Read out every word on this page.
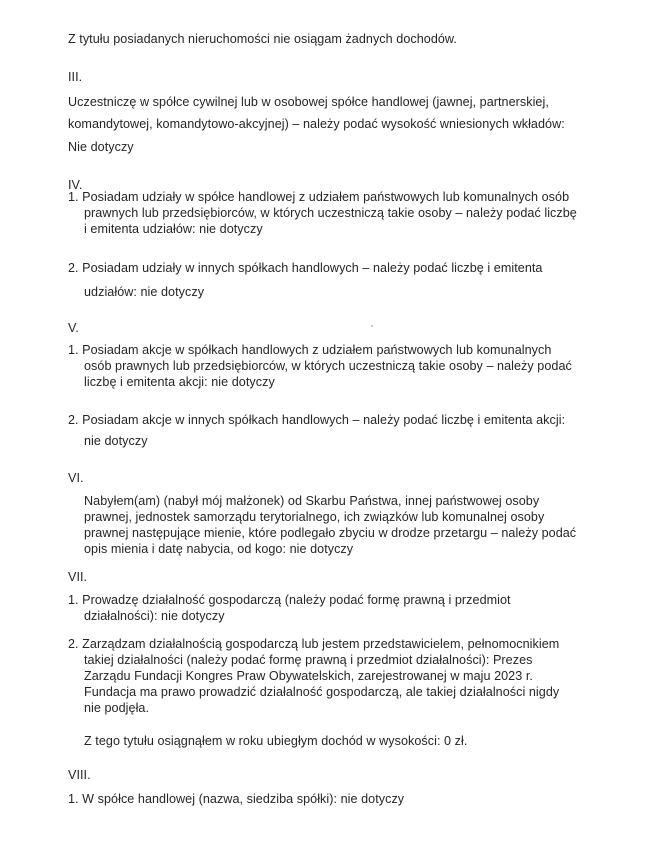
Z tytułu posiadanych nieruchomości nie osiągam żadnych dochodów.
III.
Uczestniczę w spółce cywilnej lub w osobowej spółce handlowej (jawnej, partnerskiej,
komandytowej, komandytowo-akcyjnej) – należy podać wysokość wniesionych wkładów:
Nie dotyczy
IV.
1. Posiadam udziały w spółce handlowej z udziałem państwowych lub komunalnych osób
prawnych lub przedsiębiorców, w których uczestniczą takie osoby – należy podać liczbę
i emitenta udziałów: nie dotyczy
2. Posiadam udziały w innych spółkach handlowych – należy podać liczbę i emitenta
udziałów: nie dotyczy
V.
1. Posiadam akcje w spółkach handlowych z udziałem państwowych lub komunalnych
osób prawnych lub przedsiębiorców, w których uczestniczą takie osoby – należy podać
liczbę i emitenta akcji: nie dotyczy
2. Posiadam akcje w innych spółkach handlowych – należy podać liczbę i emitenta akcji:
nie dotyczy
VI.
Nabyłem(am) (nabył mój małżonek) od Skarbu Państwa, innej państwowej osoby
prawnej, jednostek samorządu terytorialnego, ich związków lub komunalnej osoby
prawnej następujące mienie, które podlegało zbyciu w drodze przetargu – należy podać
opis mienia i datę nabycia, od kogo: nie dotyczy
VII.
1. Prowadzę działalność gospodarczą (należy podać formę prawną i przedmiot
działalności): nie dotyczy
2. Zarządzam działalnością gospodarczą lub jestem przedstawicielem, pełnomocnikiem
takiej działalności (należy podać formę prawną i przedmiot działalności): Prezes
Zarządu Fundacji Kongres Praw Obywatelskich, zarejestrowanej w maju 2023 r.
Fundacja ma prawo prowadzić działalność gospodarczą, ale takiej działalności nigdy
nie podjęła.
Z tego tytułu osiągnąłem w roku ubiegłym dochód w wysokości: 0 zł.
VIII.
1. W spółce handlowej (nazwa, siedziba spółki): nie dotyczy
